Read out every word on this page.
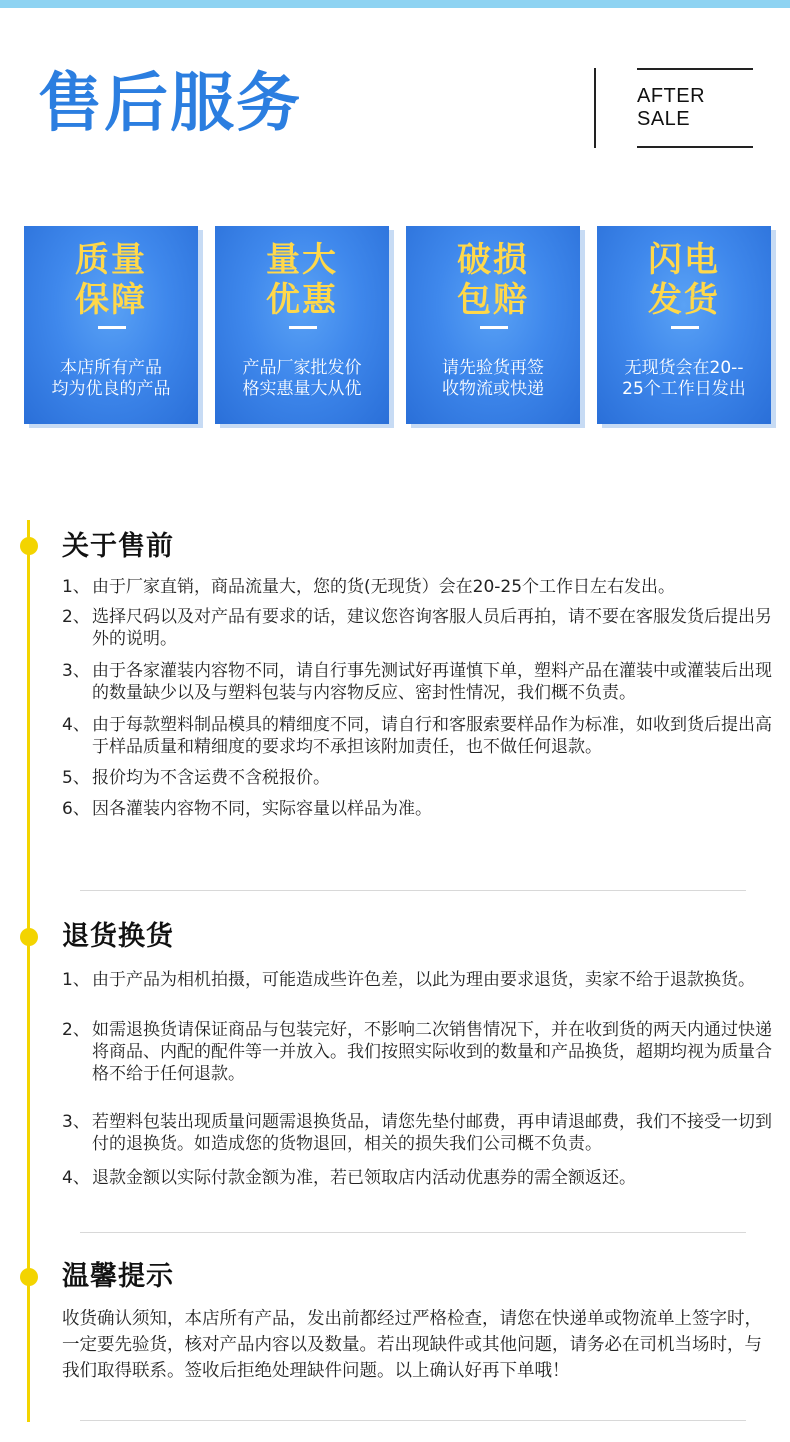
售后服务	AFTER SALE
质量
保障
本店所有产品
均为优良的产品
量大
优惠
产品厂家批发价
格实惠量大从优
破损
包赔
请先验货再签
收物流或快递
闪电
发货
无现货会在20--
25个工作日发出
关于售前
1、 由于厂家直销，商品流量大，您的货(无现货）会在20-25个工作日左右发出。
2、 选择尺码以及对产品有要求的话，建议您咨询客服人员后再拍，请不要在客服发货后提出另外的说明。
3、 由于各家灌装内容物不同，请自行事先测试好再谨慎下单，塑料产品在灌装中或灌装后出现的数量缺少以及与塑料包装与内容物反应、密封性情况，我们概不负责。
4、 由于每款塑料制品模具的精细度不同，请自行和客服索要样品作为标准，如收到货后提出高于样品质量和精细度的要求均不承担该附加责任，也不做任何退款。
5、 报价均为不含运费不含税报价。
6、 因各灌装内容物不同，实际容量以样品为准。
退货换货
1、 由于产品为相机拍摄，可能造成些许色差，以此为理由要求退货，卖家不给于退款换货。
2、 如需退换货请保证商品与包装完好，不影响二次销售情况下，并在收到货的两天内通过快递将商品、内配的配件等一并放入。我们按照实际收到的数量和产品换货，超期均视为质量合格不给于任何退款。
3、 若塑料包装出现质量问题需退换货品，请您先垫付邮费，再申请退邮费，我们不接受一切到付的退换货。如造成您的货物退回，相关的损失我们公司概不负责。
4、 退款金额以实际付款金额为准，若已领取店内活动优惠券的需全额返还。
温馨提示

收货确认须知，本店所有产品，发出前都经过严格检查，请您在快递单或物流单上签字时，一定要先验货，核对产品内容以及数量。若出现缺件或其他问题，请务必在司机当场时，与我们取得联系。签收后拒绝处理缺件问题。以上确认好再下单哦！
